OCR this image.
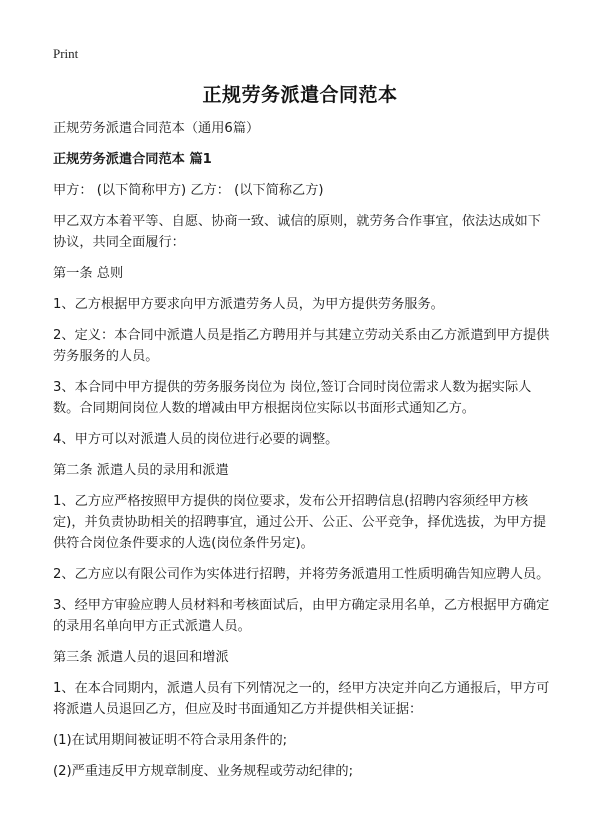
Print
正规劳务派遣合同范本

正规劳务派遣合同范本（通用6篇）

正规劳务派遣合同范本 篇1

甲方： (以下简称甲方) 乙方： (以下简称乙方)

甲乙双方本着平等、自愿、协商一致、诚信的原则，就劳务合作事宜，依法达成如下协议，共同全面履行：

第一条 总则

1、乙方根据甲方要求向甲方派遣劳务人员，为甲方提供劳务服务。

2、定义：本合同中派遣人员是指乙方聘用并与其建立劳动关系由乙方派遣到甲方提供劳务服务的人员。

3、本合同中甲方提供的劳务服务岗位为 岗位,签订合同时岗位需求人数为据实际人数。合同期间岗位人数的增减由甲方根据岗位实际以书面形式通知乙方。

4、甲方可以对派遣人员的岗位进行必要的调整。

第二条 派遣人员的录用和派遣

1、乙方应严格按照甲方提供的岗位要求，发布公开招聘信息(招聘内容须经甲方核定)，并负责协助相关的招聘事宜，通过公开、公正、公平竞争，择优选拔，为甲方提供符合岗位条件要求的人选(岗位条件另定)。

2、乙方应以有限公司作为实体进行招聘，并将劳务派遣用工性质明确告知应聘人员。

3、经甲方审验应聘人员材料和考核面试后，由甲方确定录用名单，乙方根据甲方确定的录用名单向甲方正式派遣人员。

第三条 派遣人员的退回和增派

1、在本合同期内，派遣人员有下列情况之一的，经甲方决定并向乙方通报后，甲方可将派遣人员退回乙方，但应及时书面通知乙方并提供相关证据：

(1)在试用期间被证明不符合录用条件的;

(2)严重违反甲方规章制度、业务规程或劳动纪律的;
